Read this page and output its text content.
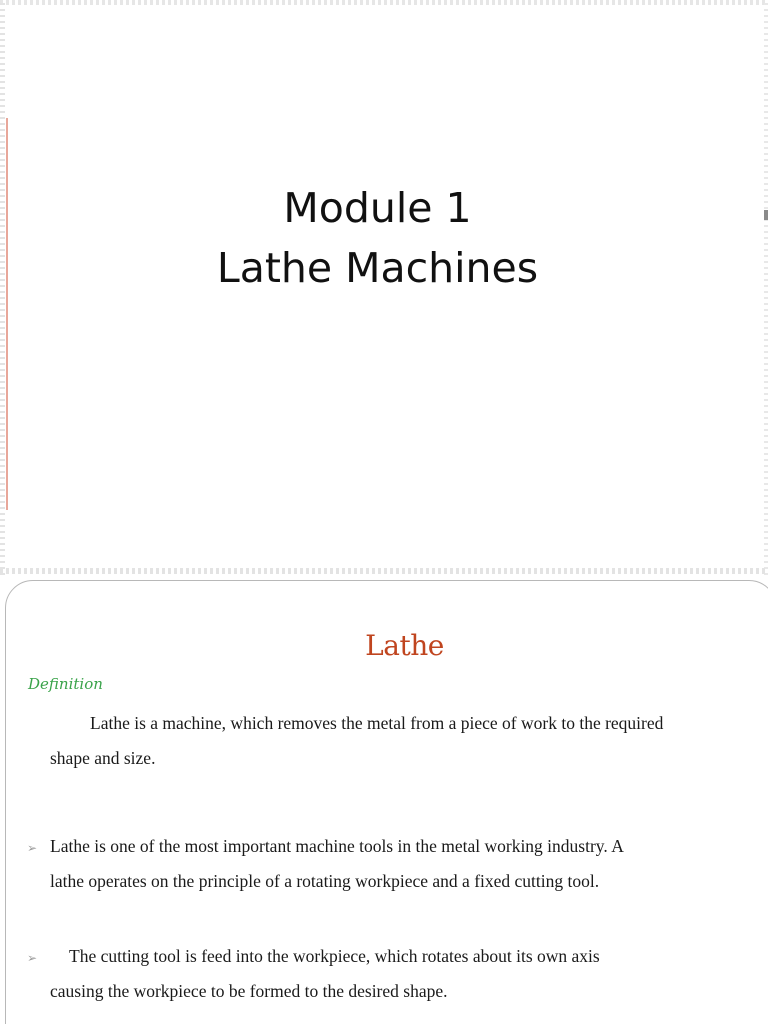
Module 1
Lathe Machines
Lathe
Definition
Lathe is a machine, which removes the metal from a piece of work to the required
shape and size.
➢ Lathe is one of the most important machine tools in the metal working industry. A
lathe operates on the principle of a rotating workpiece and a fixed cutting tool.
➢ The cutting tool is feed into the workpiece, which rotates about its own axis
causing the workpiece to be formed to the desired shape.
